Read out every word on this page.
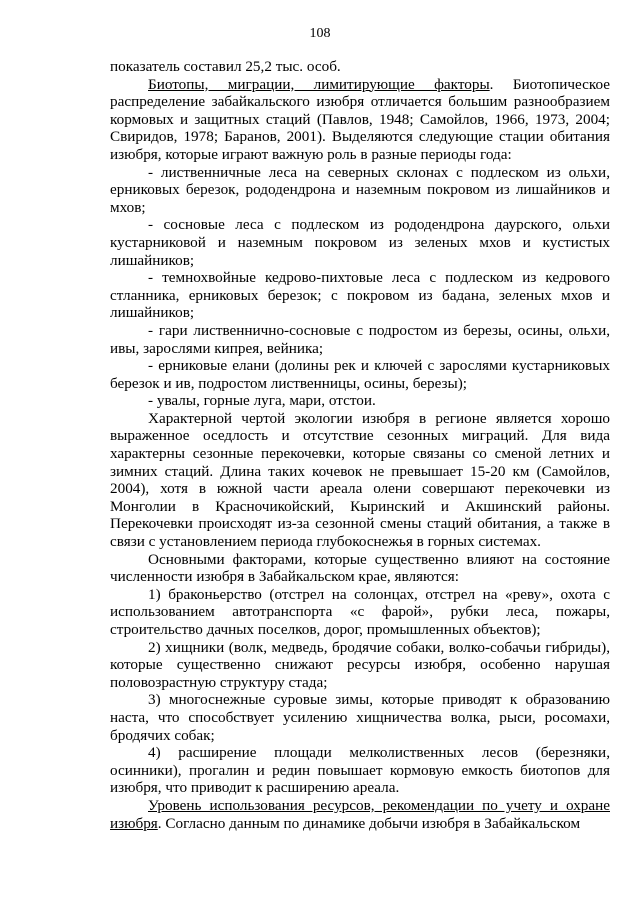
108

показатель составил 25,2 тыс. особ.

Биотопы, миграции, лимитирующие факторы. Биотопическое распределение забайкальского изюбря отличается большим разнообразием кормовых и защитных стаций (Павлов, 1948; Самойлов, 1966, 1973, 2004; Свиридов, 1978; Баранов, 2001). Выделяются следующие стации обитания изюбря, которые играют важную роль в разные периоды года:

- лиственничные леса на северных склонах с подлеском из ольхи, ерниковых березок, рододендрона и наземным покровом из лишайников и мхов;

- сосновые леса с подлеском из рододендрона даурского, ольхи кустарниковой и наземным покровом из зеленых мхов и кустистых лишайников;

- темнохвойные кедрово-пихтовые леса с подлеском из кедрового стланника, ерниковых березок; с покровом из бадана, зеленых мхов и лишайников;

- гари лиственнично-сосновые с подростом из березы, осины, ольхи, ивы, зарослями кипрея, вейника;

- ерниковые елани (долины рек и ключей с зарослями кустарниковых березок и ив, подростом лиственницы, осины, березы);

- увалы, горные луга, мари, отстои.

Характерной чертой экологии изюбря в регионе является хорошо выраженное оседлость и отсутствие сезонных миграций. Для вида характерны сезонные перекочевки, которые связаны со сменой летних и зимних стаций. Длина таких кочевок не превышает 15-20 км (Самойлов, 2004), хотя в южной части ареала олени совершают перекочевки из Монголии в Красночикойский, Кыринский и Акшинский районы. Перекочевки происходят из-за сезонной смены стаций обитания, а также в связи с установлением периода глубокоснежья в горных системах.

Основными факторами, которые существенно влияют на состояние численности изюбря в Забайкальском крае, являются:

1) браконьерство (отстрел на солонцах, отстрел на «реву», охота с использованием автотранспорта «с фарой», рубки леса, пожары, строительство дачных поселков, дорог, промышленных объектов);

2) хищники (волк, медведь, бродячие собаки, волко-собачьи гибриды), которые существенно снижают ресурсы изюбря, особенно нарушая половозрастную структуру стада;

3) многоснежные суровые зимы, которые приводят к образованию наста, что способствует усилению хищничества волка, рыси, росомахи, бродячих собак;

4) расширение площади мелколиственных лесов (березняки, осинники), прогалин и редин повышает кормовую емкость биотопов для изюбря, что приводит к расширению ареала.

Уровень использования ресурсов, рекомендации по учету и охране изюбря. Согласно данным по динамике добычи изюбря в Забайкальском
